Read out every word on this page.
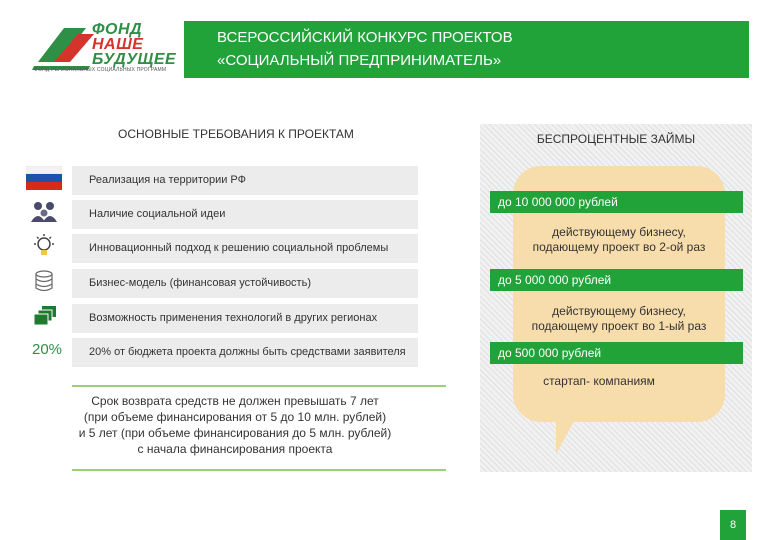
ФОНД
НАШЕ
БУДУЩЕЕ
ФОНД РЕГИОНАЛЬНЫХ СОЦИАЛЬНЫХ ПРОГРАММ
ВСЕРОССИЙСКИЙ КОНКУРС ПРОЕКТОВ
«СОЦИАЛЬНЫЙ ПРЕДПРИНИМАТЕЛЬ»
ОСНОВНЫЕ ТРЕБОВАНИЯ К ПРОЕКТАМ
Реализация на территории РФ
Наличие социальной идеи
Инновационный подход к решению социальной проблемы
Бизнес-модель (финансовая устойчивость)
Возможность применения технологий в других регионах
20% 20% от бюджета проекта должны быть средствами заявителя
БЕСПРОЦЕНТНЫЕ ЗАЙМЫ
до 10 000 000 рублей
действующему бизнесу,
подающему проект во 2-ой раз
до 5 000 000 рублей
действующему бизнесу,
подающему проект во 1-ый раз
до 500 000 рублей
стартап- компаниям
Срок возврата средств не должен превышать 7 лет
(при объеме финансирования от 5 до 10 млн. рублей)
и 5 лет (при объеме финансирования до 5 млн. рублей)
с начала финансирования проекта
8
